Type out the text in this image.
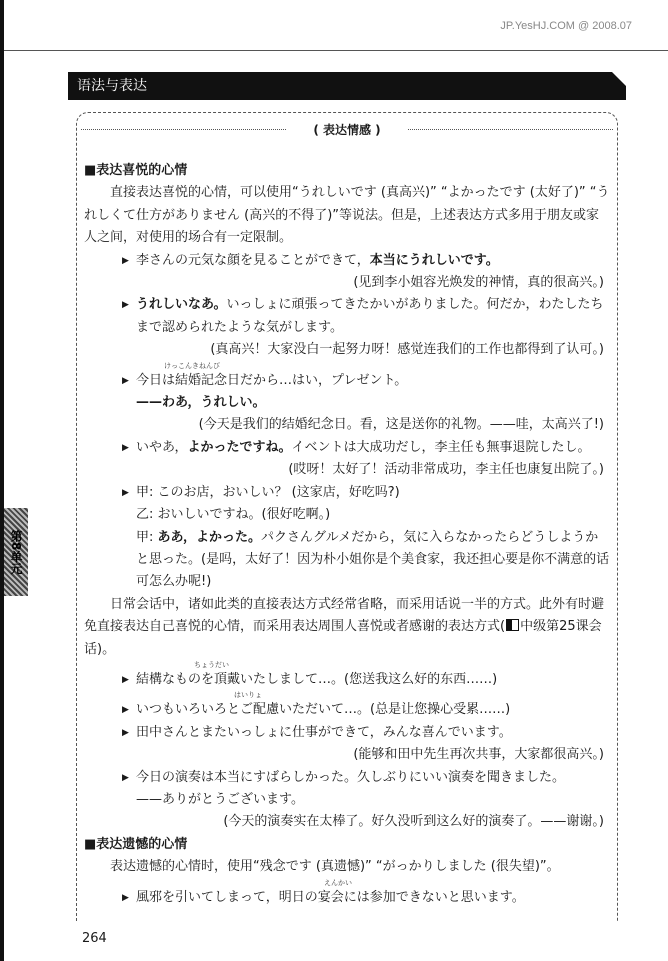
JP.YesHJ.COM @ 2008.07
语法与表达
( 表达情感 )
■表达喜悦的心情
直接表达喜悦的心情，可以使用“うれしいです (真高兴)” “よかったです (太好了)” “うれしくて仕方がありません (高兴的不得了)”等说法。但是，上述表达方式多用于朋友或家人之间，对使用的场合有一定限制。
▶ 李さんの元気な顔を見ることができて，本当にうれしいです。
(见到李小姐容光焕发的神情，真的很高兴。)
▶ うれしいなあ。いっしょに頑張ってきたかいがありました。何だか，わたしたちまで認められたような気がします。
(真高兴！大家没白一起努力呀！感觉连我们的工作也都得到了认可。)
▶
けっこんきねんび
今日は結婚記念日だから…はい，プレゼント。
——わあ，うれしい。
(今天是我们的结婚纪念日。看，这是送你的礼物。——哇，太高兴了!)
▶ いやあ，よかったですね。イベントは大成功だし，李主任も無事退院したし。
(哎呀！太好了！活动非常成功，李主任也康复出院了。)
▶ 甲: このお店，おいしい？ (这家店，好吃吗?)
乙: おいしいですね。(很好吃啊。)
甲: ああ，よかった。パクさんグルメだから，気に入らなかったらどうしようかと思った。(是吗，太好了！因为朴小姐你是个美食家，我还担心要是你不满意的话可怎么办呢!)
日常会话中，诸如此类的直接表达方式经常省略，而采用话说一半的方式。此外有时避免直接表达自己喜悦的心情，而采用表达周围人喜悦或者感谢的表达方式( 中级第25课会话)。
▶
ちょうだい
結構なものを頂戴いたしまして…。(您送我这么好的东西……)
▶
はいりょ
いつもいろいろとご配慮いただいて…。(总是让您操心受累……)
▶ 田中さんとまたいっしょに仕事ができて，みんな喜んでいます。
(能够和田中先生再次共事，大家都很高兴。)
▶ 今日の演奏は本当にすばらしかった。久しぶりにいい演奏を聞きました。
——ありがとうございます。
(今天的演奏实在太棒了。好久没听到这么好的演奏了。——谢谢。)
■表达遗憾的心情
表达遗憾的心情时，使用“残念です (真遗憾)” “がっかりしました (很失望)”。
▶
えんかい
風邪を引いてしまって，明日の宴会には参加できないと思います。
第8单元
264
